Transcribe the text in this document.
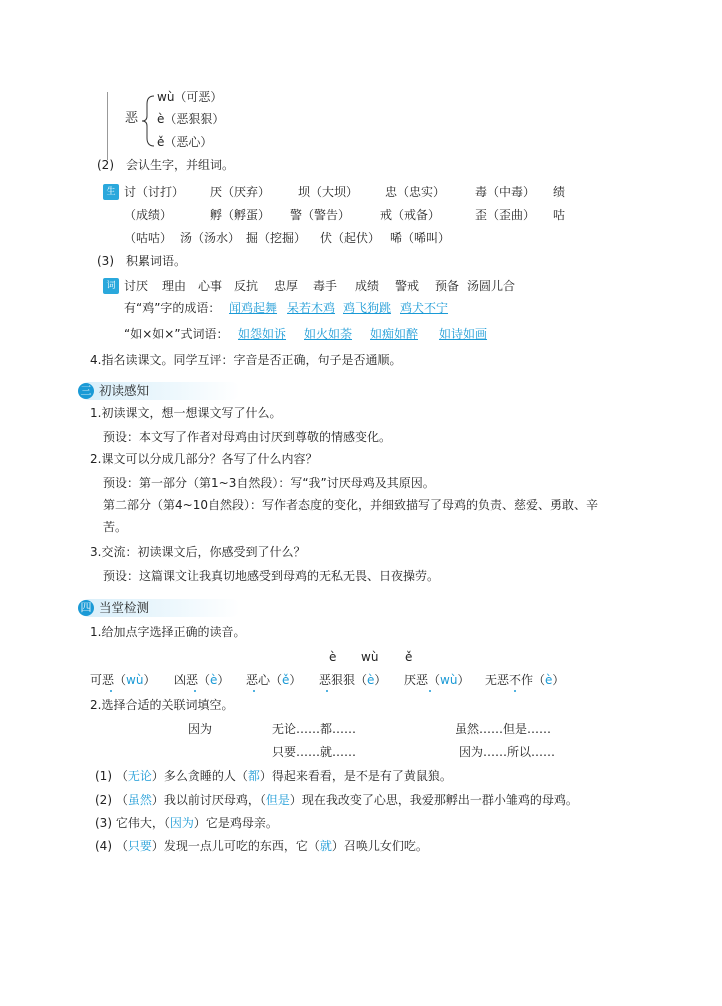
恶
wù（可恶）
è（恶狠狠）
ě（恶心）
(2)　会认生字，并组词。
生字
讨（讨打） 厌（厌弃） 坝（大坝） 忠（忠实） 毒（中毒） 绩
（成绩）	孵（孵蛋） 警（警告） 戒（戒备）	歪（歪曲） 咕
（咕咕） 汤（汤水） 掘（挖掘） 伏（起伏） 唏（唏叫）
(3)　积累词语。
词语
讨厌 理由 心事 反抗 忠厚 毒手 成绩 警戒 预备 汤圆儿合
有“鸡”字的成语： 闻鸡起舞 呆若木鸡 鸡飞狗跳 鸡犬不宁
“如×如×”式词语： 如怨如诉 如火如荼 如痴如醉 如诗如画
4.指名读课文。同学互评：字音是否正确，句子是否通顺。
三 初读感知
1.初读课文，想一想课文写了什么。
预设：本文写了作者对母鸡由讨厌到尊敬的情感变化。
2.课文可以分成几部分？各写了什么内容？
预设：第一部分（第1~3自然段）：写“我”讨厌母鸡及其原因。
第二部分（第4~10自然段）：写作者态度的变化，并细致描写了母鸡的负责、慈爱、勇敢、辛
苦。
3.交流：初读课文后，你感受到了什么？
预设：这篇课文让我真切地感受到母鸡的无私无畏、日夜操劳。
四 当堂检测
1.给加点字选择正确的读音。
è wù ě
可恶（wù） 凶恶（è） 恶心（ě） 恶狠狠（è） 厌恶（wù） 无恶不作（è）
2.选择合适的关联词填空。
因为	无论……都……	虽然……但是……
只要……就……	因为……所以……
(1) （无论）多么贪睡的人（都）得起来看看，是不是有了黄鼠狼。
(2) （虽然）我以前讨厌母鸡，（但是）现在我改变了心思，我爱那孵出一群小雏鸡的母鸡。
(3) 它伟大，（因为）它是鸡母亲。
(4) （只要）发现一点儿可吃的东西，它（就）召唤儿女们吃。
